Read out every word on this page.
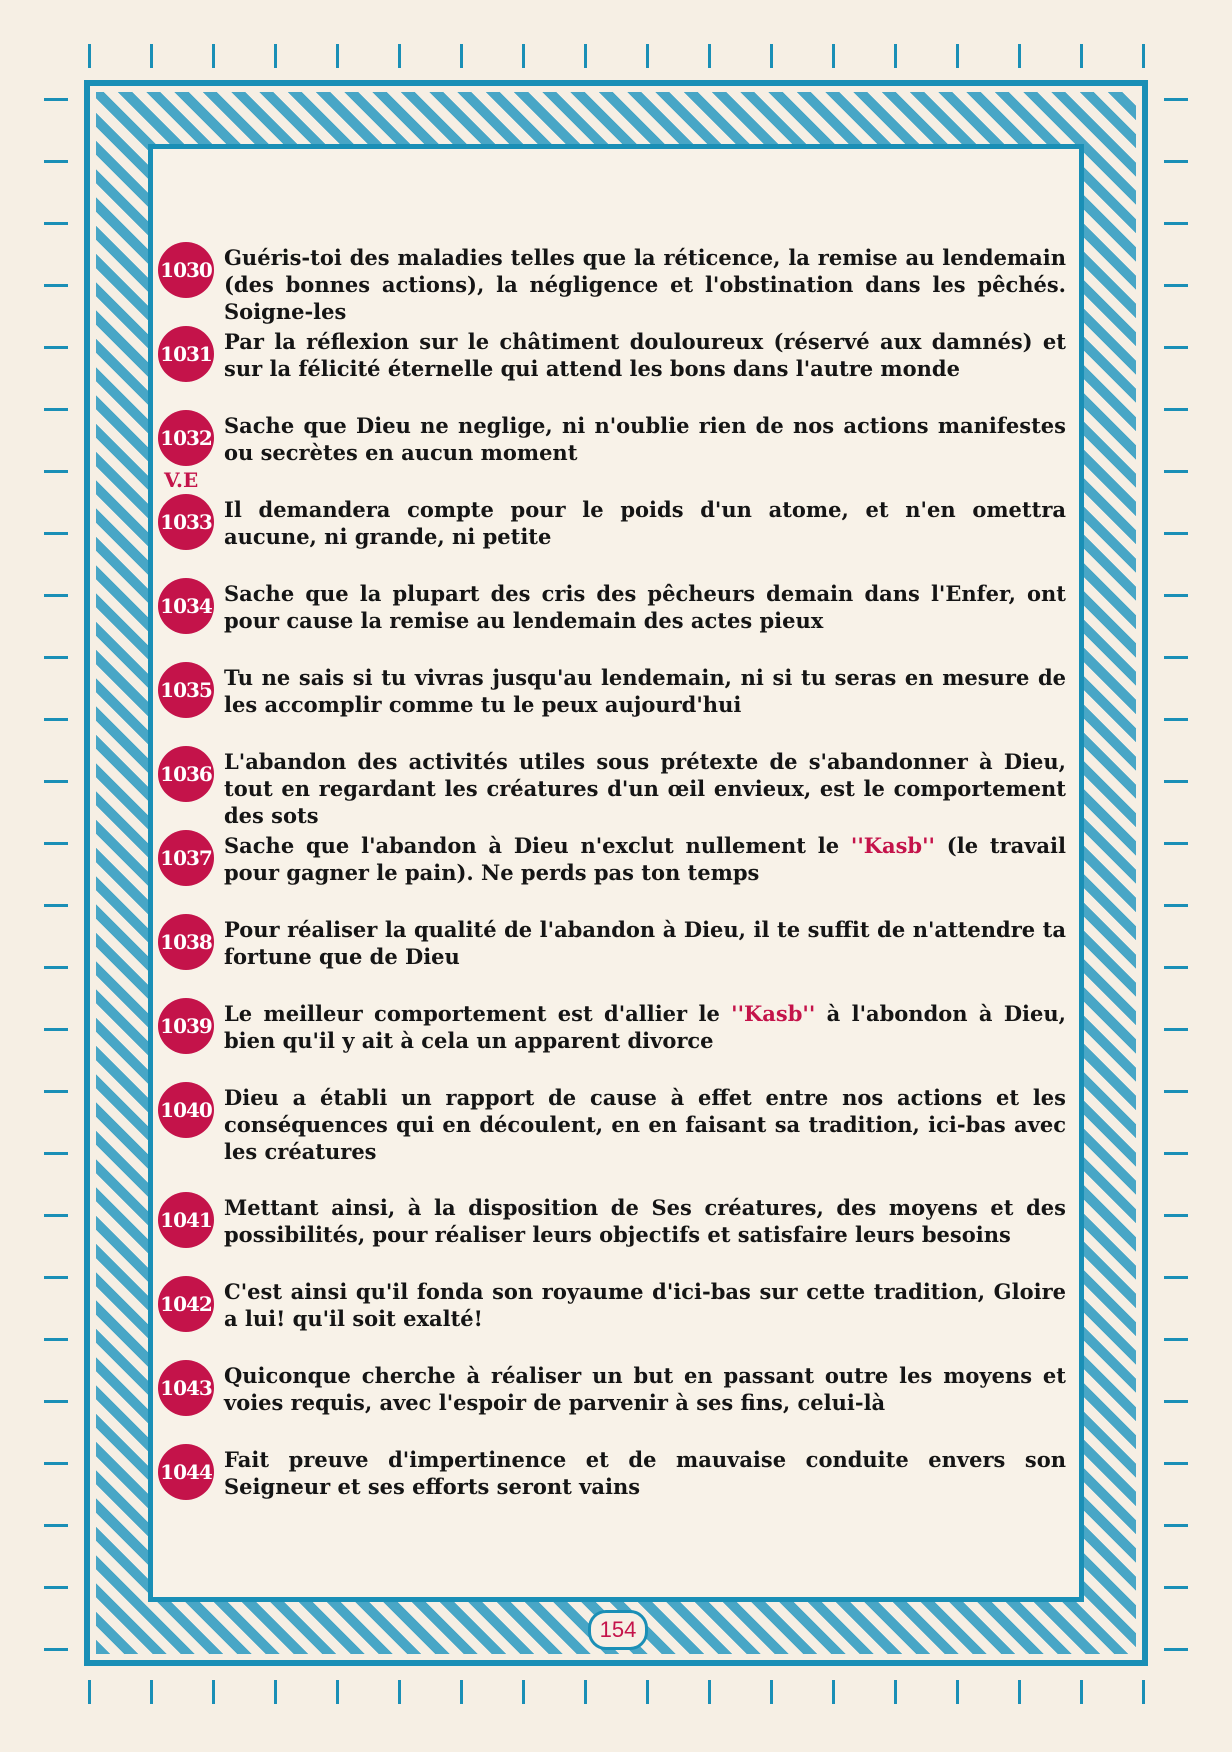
V.E
1030 Guéris-toi des maladies telles que la réticence, la remise au lendemain (des bonnes actions), la négligence et l'obstination dans les pêchés. Soigne-les
1031 Par la réflexion sur le châtiment douloureux (réservé aux damnés) et sur la félicité éternelle qui attend les bons dans l'autre monde
1032 Sache que Dieu ne neglige, ni n'oublie rien de nos actions manifestes ou secrètes en aucun moment
1033 Il demandera compte pour le poids d'un atome, et n'en omettra aucune, ni grande, ni petite
1034 Sache que la plupart des cris des pêcheurs demain dans l'Enfer, ont pour cause la remise au lendemain des actes pieux
1035 Tu ne sais si tu vivras jusqu'au lendemain, ni si tu seras en mesure de les accomplir comme tu le peux aujourd'hui
1036 L'abandon des activités utiles sous prétexte de s'abandonner à Dieu, tout en regardant les créatures d'un œil envieux, est le comportement des sots
1037 Sache que l'abandon à Dieu n'exclut nullement le ''Kasb'' (le travail pour gagner le pain). Ne perds pas ton temps
1038 Pour réaliser la qualité de l'abandon à Dieu, il te suffit de n'attendre ta fortune que de Dieu
1039 Le meilleur comportement est d'allier le ''Kasb'' à l'abondon à Dieu, bien qu'il y ait à cela un apparent divorce
1040 Dieu a établi un rapport de cause à effet entre nos actions et les conséquences qui en découlent, en en faisant sa tradition, ici-bas avec les créatures
1041 Mettant ainsi, à la disposition de Ses créatures, des moyens et des possibilités, pour réaliser leurs objectifs et satisfaire leurs besoins
1042 C'est ainsi qu'il fonda son royaume d'ici-bas sur cette tradition, Gloire a lui! qu'il soit exalté!
1043 Quiconque cherche à réaliser un but en passant outre les moyens et voies requis, avec l'espoir de parvenir à ses fins, celui-là
1044 Fait preuve d'impertinence et de mauvaise conduite envers son Seigneur et ses efforts seront vains
154
